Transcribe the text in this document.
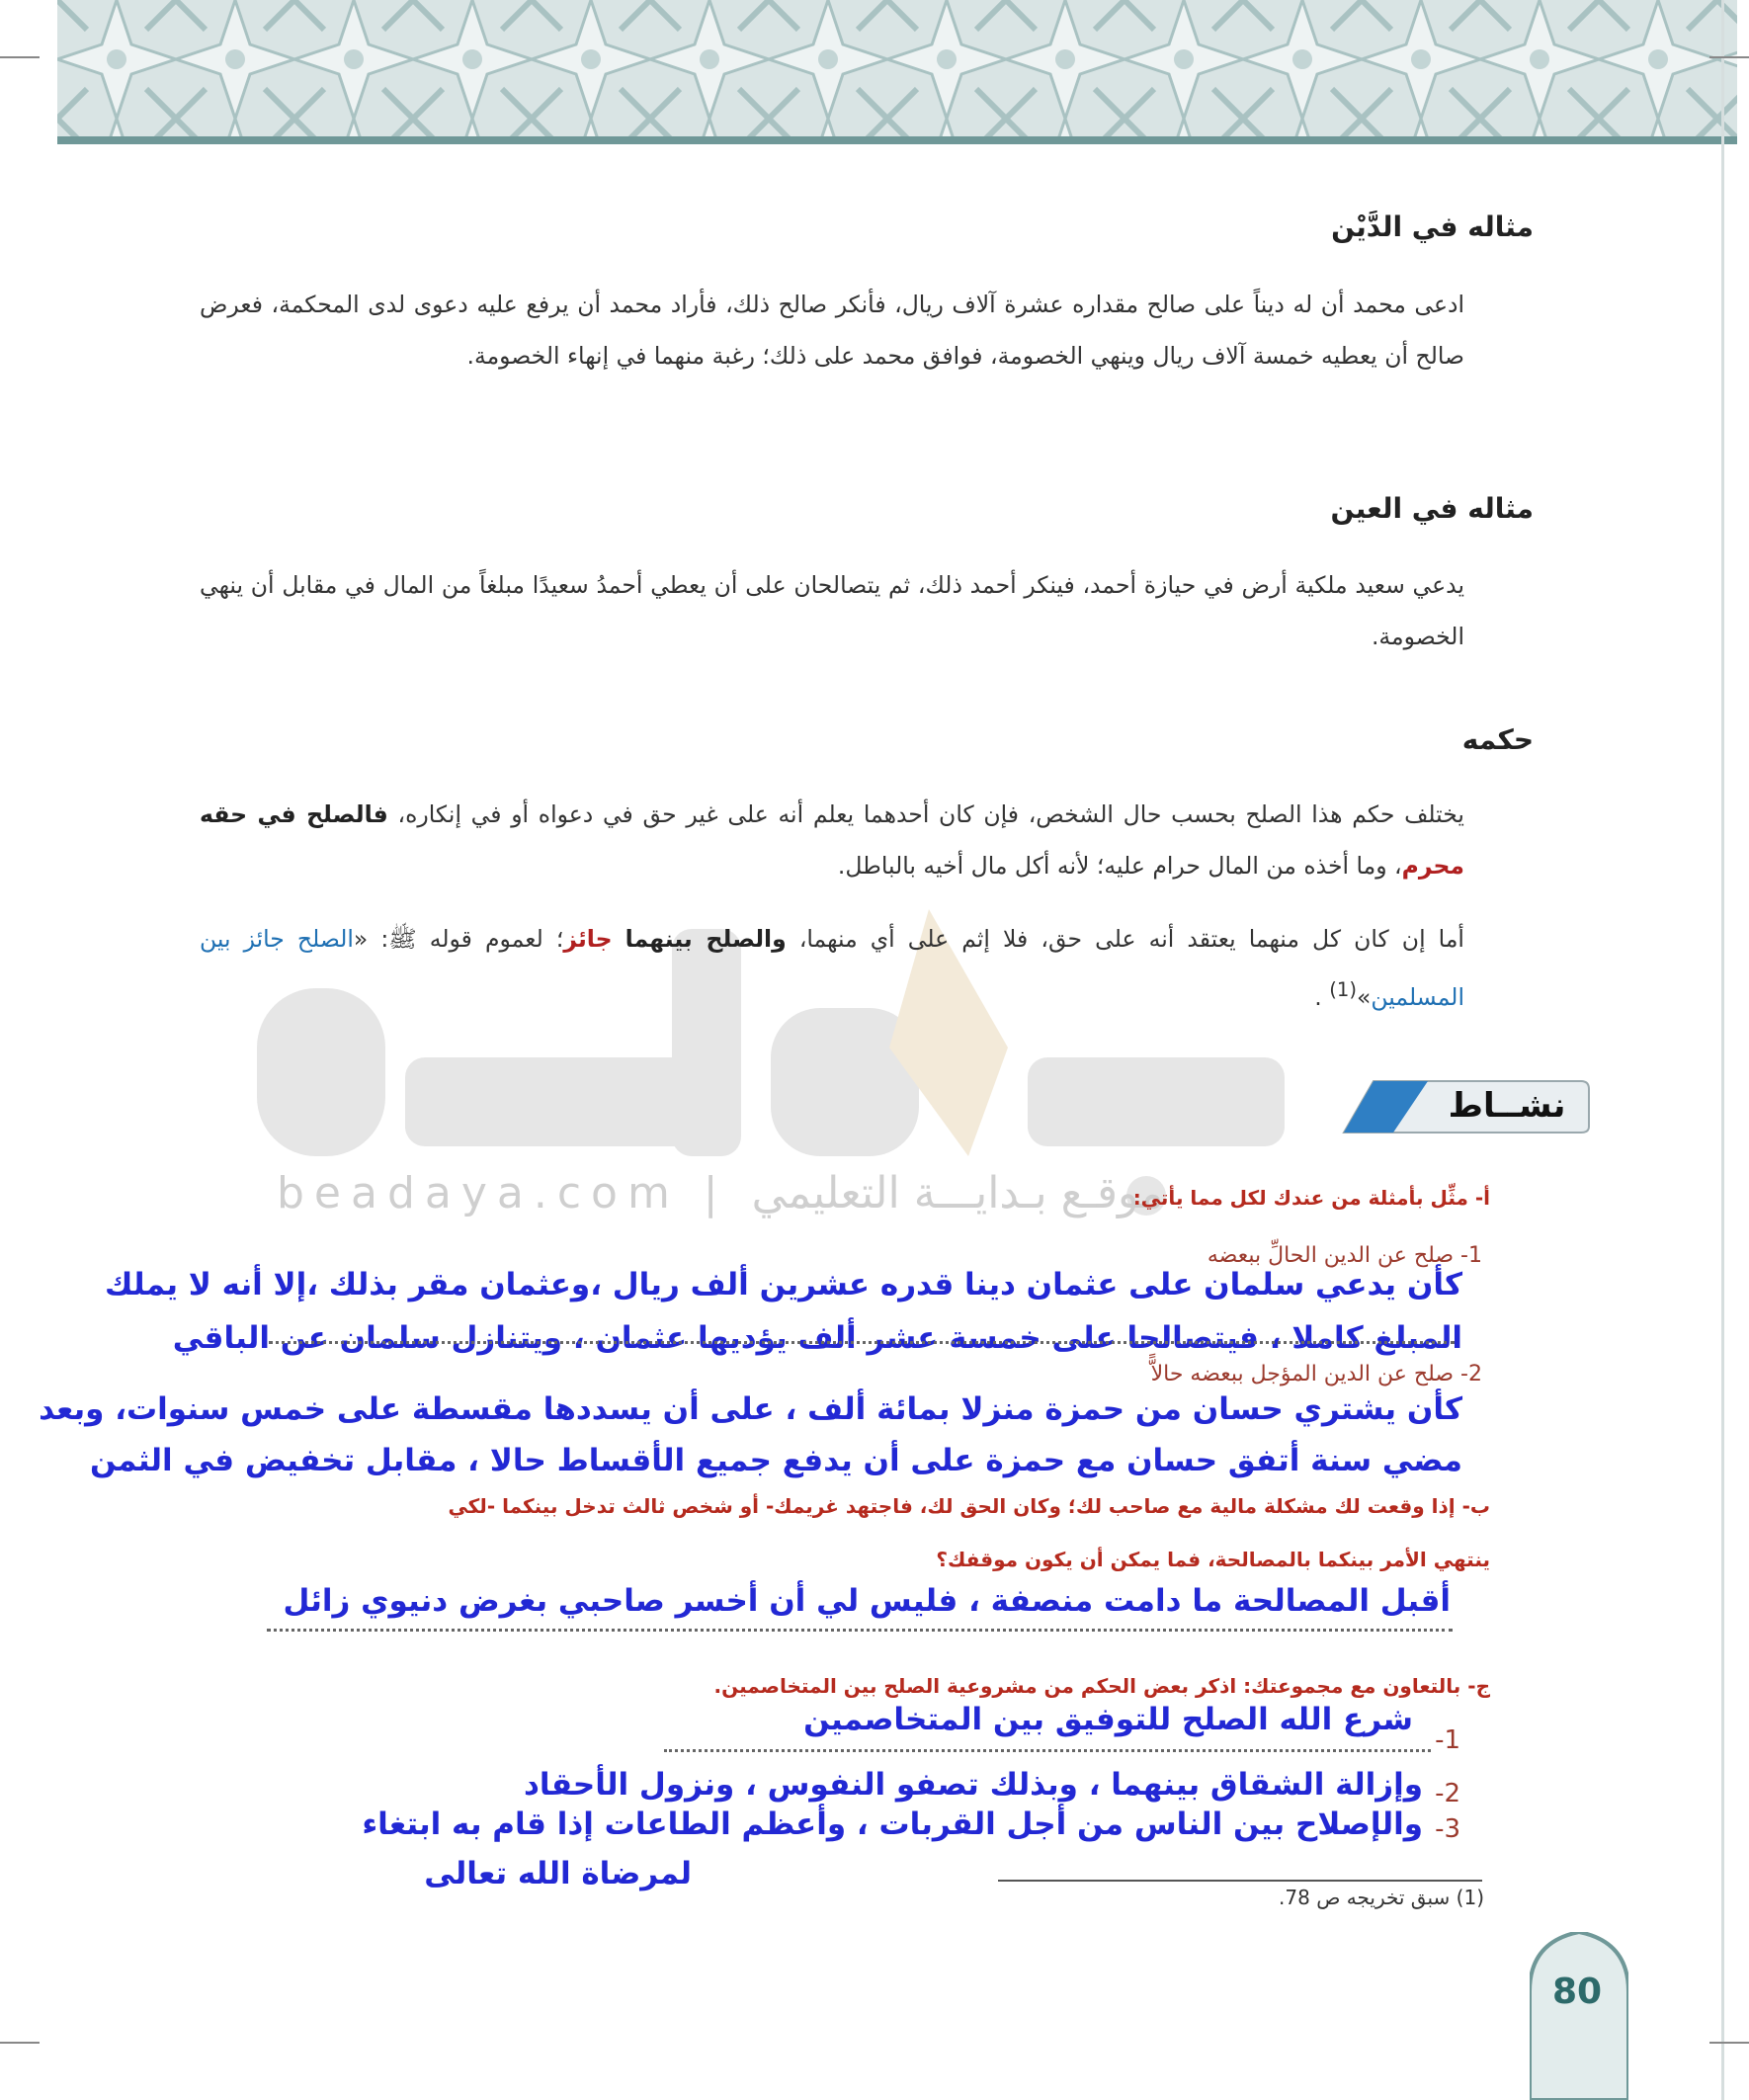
beadaya.com | موقـع بـدايـــة التعليمي
مثاله في الدَّيْن
ادعى محمد أن له ديناً على صالح مقداره عشرة آلاف ريال، فأنكر صالح ذلك، فأراد محمد أن يرفع عليه دعوى لدى المحكمة، فعرض صالح أن يعطيه خمسة آلاف ريال وينهي الخصومة، فوافق محمد على ذلك؛ رغبة منهما في إنهاء الخصومة.
مثاله في العين
يدعي سعيد ملكية أرض في حيازة أحمد، فينكر أحمد ذلك، ثم يتصالحان على أن يعطي أحمدُ سعيدًا مبلغاً من المال في مقابل أن ينهي الخصومة.
حكمه
يختلف حكم هذا الصلح بحسب حال الشخص، فإن كان أحدهما يعلم أنه على غير حق في دعواه أو في إنكاره، فالصلح في حقه محرم، وما أخذه من المال حرام عليه؛ لأنه أكل مال أخيه بالباطل.
أما إن كان كل منهما يعتقد أنه على حق، فلا إثم على أي منهما، والصلح بينهما جائز؛ لعموم قوله ﷺ: «الصلح جائز بين المسلمين»$^{(1)}$ .
نشــاط
أ- مثِّل بأمثلة من عندك لكل مما يأتي:
1- صلح عن الدين الحالِّ ببعضه
كأن يدعي سلمان على عثمان دينا قدره عشرين ألف ريال ،وعثمان مقر بذلك ،إلا أنه لا يملك
المبلغ كاملا ، فيتصالحا على خمسة عشر ألف يؤديها عثمان ، ويتنازل سلمان عن الباقي
2- صلح عن الدين المؤجل ببعضه حالاًّ
كأن يشتري حسان من حمزة منزلا بمائة ألف ، على أن يسددها مقسطة على خمس سنوات، وبعد
مضي سنة أتفق حسان مع حمزة على أن يدفع جميع الأقساط حالا ، مقابل تخفيض في الثمن
ب- إذا وقعت لك مشكلة مالية مع صاحب لك؛ وكان الحق لك، فاجتهد غريمك- أو شخص ثالث تدخل بينكما -لكي
ينتهي الأمر بينكما بالمصالحة، فما يمكن أن يكون موقفك؟
أقبل المصالحة ما دامت منصفة ، فليس لي أن أخسر صاحبي بغرض دنيوي زائل
ج- بالتعاون مع مجموعتك: اذكر بعض الحكم من مشروعية الصلح بين المتخاصمين.
1-
شرع الله الصلح للتوفيق بين المتخاصمين
2-
وإزالة الشقاق بينهما ، وبذلك تصفو النفوس ، ونزول الأحقاد
3-
والإصلاح بين الناس من أجل القربات ، وأعظم الطاعات إذا قام به ابتغاء
لمرضاة الله تعالى
(1) سبق تخريجه ص 78.
80
